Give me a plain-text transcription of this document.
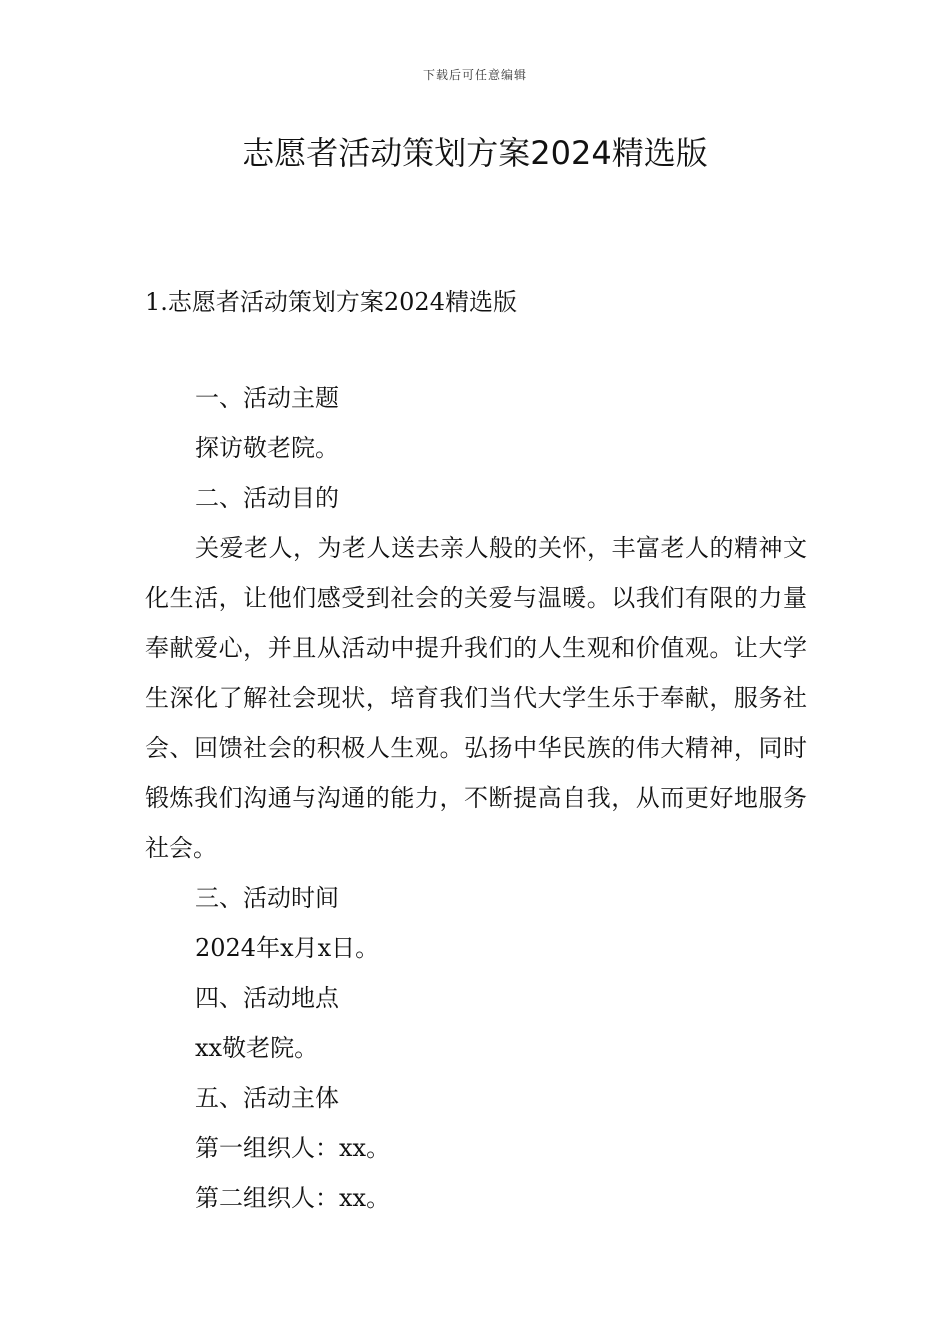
下载后可任意编辑
志愿者活动策划方案2024精选版
1.志愿者活动策划方案2024精选版

一、活动主题

探访敬老院。

二、活动目的

关爱老人，为老人送去亲人般的关怀，丰富老人的精神文化生活，让他们感受到社会的关爱与温暖。以我们有限的力量奉献爱心，并且从活动中提升我们的人生观和价值观。让大学生深化了解社会现状，培育我们当代大学生乐于奉献，服务社会、回馈社会的积极人生观。弘扬中华民族的伟大精神，同时锻炼我们沟通与沟通的能力，不断提高自我，从而更好地服务社会。

三、活动时间

2024年x月x日。

四、活动地点

xx敬老院。

五、活动主体

第一组织人：xx。

第二组织人：xx。
